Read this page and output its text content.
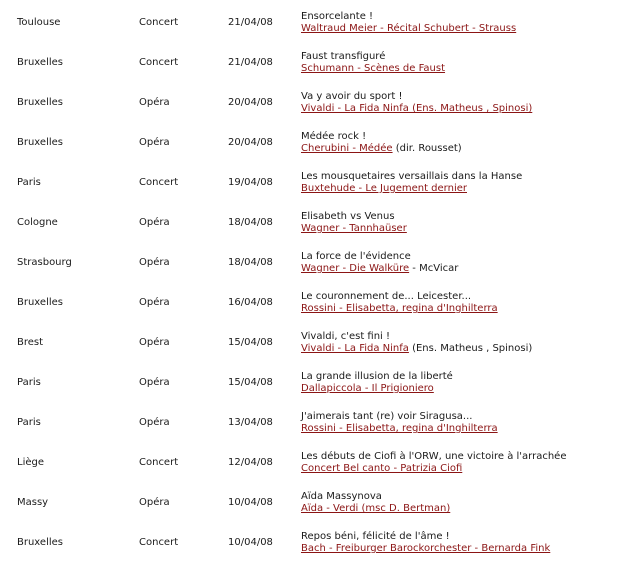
Toulouse	Concert	21/04/08
Ensorcelante !
Waltraud Meier - Récital Schubert - Strauss
Bruxelles	Concert	21/04/08
Faust transfiguré
Schumann - Scènes de Faust
Bruxelles	Opéra	20/04/08
Va y avoir du sport !
Vivaldi - La Fida Ninfa (Ens. Matheus , Spinosi)
Bruxelles	Opéra	20/04/08
Médée rock !
Cherubini - Médée (dir. Rousset)
Paris	Concert	19/04/08
Les mousquetaires versaillais dans la Hanse
Buxtehude - Le Jugement dernier
Cologne	Opéra	18/04/08
Elisabeth vs Venus
Wagner - Tannhaüser
Strasbourg	Opéra	18/04/08
La force de l'évidence
Wagner - Die Walküre - McVicar
Bruxelles	Opéra	16/04/08
Le couronnement de... Leicester...
Rossini - Elisabetta, regina d'Inghilterra
Brest	Opéra	15/04/08
Vivaldi, c'est fini !
Vivaldi - La Fida Ninfa (Ens. Matheus , Spinosi)
Paris	Opéra	15/04/08
La grande illusion de la liberté
Dallapiccola - Il Prigioniero
Paris	Opéra	13/04/08
J'aimerais tant (re) voir Siragusa...
Rossini - Elisabetta, regina d'Inghilterra
Liège	Concert	12/04/08
Les débuts de Ciofi à l'ORW, une victoire à l'arrachée
Concert Bel canto - Patrizia Ciofi
Massy	Opéra	10/04/08
Aïda Massynova
Aïda - Verdi (msc D. Bertman)
Bruxelles	Concert	10/04/08
Repos béni, félicité de l'âme !
Bach - Freiburger Barockorchester - Bernarda Fink
